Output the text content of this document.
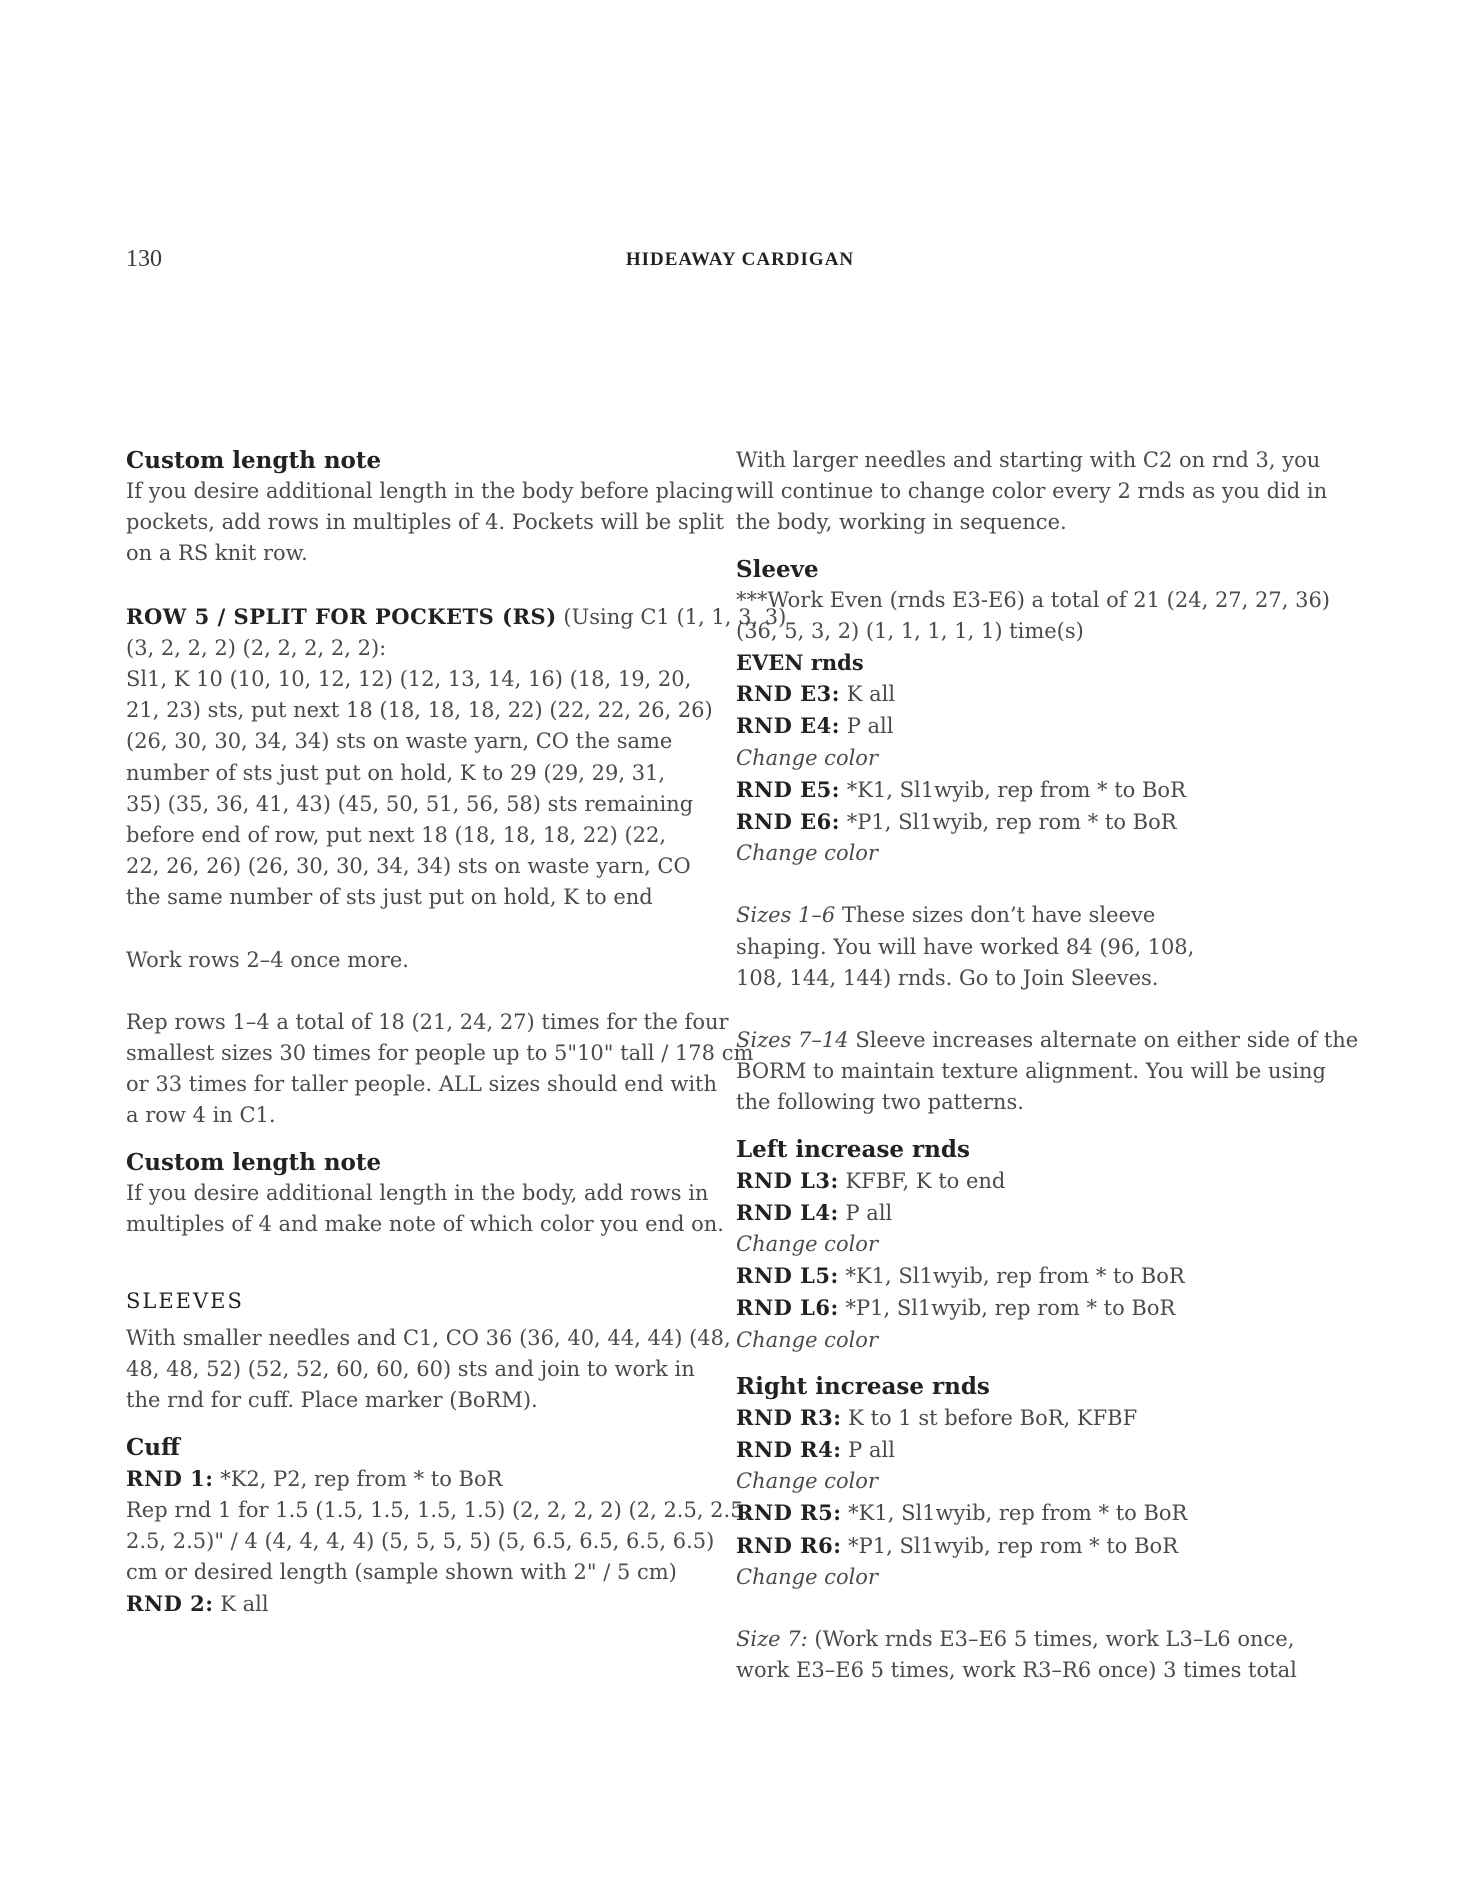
130	HIDEAWAY CARDIGAN

Custom length note

If you desire additional length in the body before placing

pockets, add rows in multiples of 4. Pockets will be split

on a RS knit row.

ROW 5 / SPLIT FOR POCKETS (RS) (Using C1 (1, 1, 3, 3)

(3, 2, 2, 2) (2, 2, 2, 2, 2):

Sl1, K 10 (10, 10, 12, 12) (12, 13, 14, 16) (18, 19, 20,

21, 23) sts, put next 18 (18, 18, 18, 22) (22, 22, 26, 26)

(26, 30, 30, 34, 34) sts on waste yarn, CO the same

number of sts just put on hold, K to 29 (29, 29, 31,

35) (35, 36, 41, 43) (45, 50, 51, 56, 58) sts remaining

before end of row, put next 18 (18, 18, 18, 22) (22,

22, 26, 26) (26, 30, 30, 34, 34) sts on waste yarn, CO

the same number of sts just put on hold, K to end

Work rows 2–4 once more.

Rep rows 1–4 a total of 18 (21, 24, 27) times for the four

smallest sizes 30 times for people up to 5"10" tall / 178 cm

or 33 times for taller people. ALL sizes should end with

a row 4 in C1.

Custom length note

If you desire additional length in the body, add rows in

multiples of 4 and make note of which color you end on.

SLEEVES

With smaller needles and C1, CO 36 (36, 40, 44, 44) (48,

48, 48, 52) (52, 52, 60, 60, 60) sts and join to work in

the rnd for cuff. Place marker (BoRM).

Cuff

RND 1: *K2, P2, rep from * to BoR

Rep rnd 1 for 1.5 (1.5, 1.5, 1.5, 1.5) (2, 2, 2, 2) (2, 2.5, 2.5,

2.5, 2.5)" / 4 (4, 4, 4, 4) (5, 5, 5, 5) (5, 6.5, 6.5, 6.5, 6.5)

cm or desired length (sample shown with 2" / 5 cm)

RND 2: K all

With larger needles and starting with C2 on rnd 3, you

will continue to change color every 2 rnds as you did in

the body, working in sequence.

Sleeve

***Work Even (rnds E3-E6) a total of 21 (24, 27, 27, 36)

(36, 5, 3, 2) (1, 1, 1, 1, 1) time(s)

EVEN rnds

RND E3: K all

RND E4: P all

Change color

RND E5: *K1, Sl1wyib, rep from * to BoR

RND E6: *P1, Sl1wyib, rep rom * to BoR

Change color

Sizes 1–6 These sizes don’t have sleeve

shaping. You will have worked 84 (96, 108,

108, 144, 144) rnds. Go to Join Sleeves.

Sizes 7–14 Sleeve increases alternate on either side of the

BORM to maintain texture alignment. You will be using

the following two patterns.

Left increase rnds

RND L3: KFBF, K to end

RND L4: P all

Change color

RND L5: *K1, Sl1wyib, rep from * to BoR

RND L6: *P1, Sl1wyib, rep rom * to BoR

Change color

Right increase rnds

RND R3: K to 1 st before BoR, KFBF

RND R4: P all

Change color

RND R5: *K1, Sl1wyib, rep from * to BoR

RND R6: *P1, Sl1wyib, rep rom * to BoR

Change color

Size 7: (Work rnds E3–E6 5 times, work L3–L6 once,

work E3–E6 5 times, work R3–R6 once) 3 times total
